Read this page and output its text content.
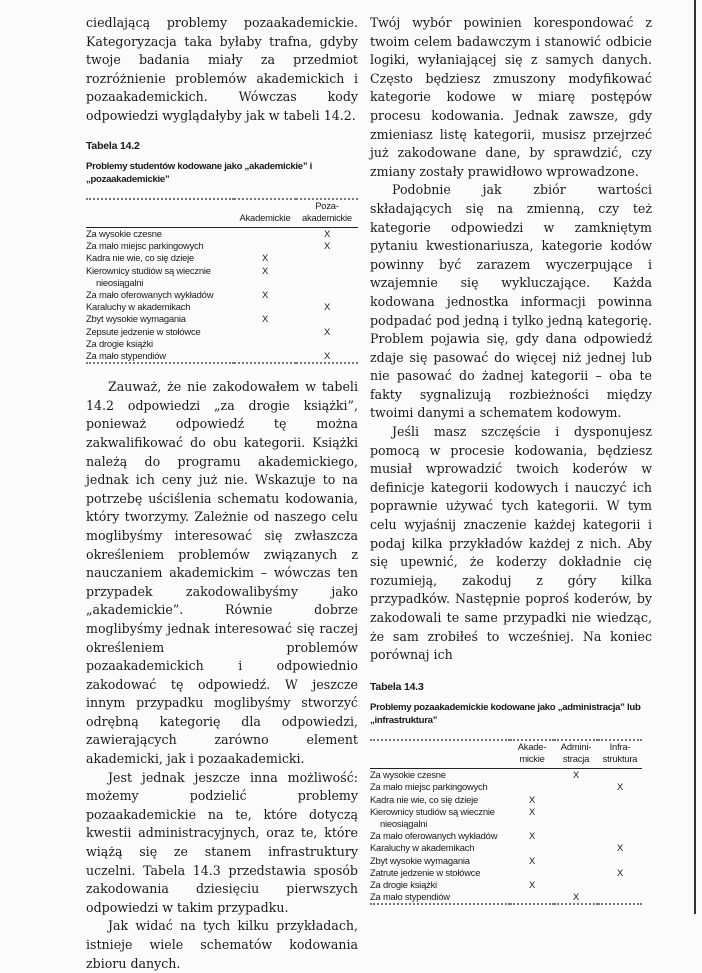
ciedlającą problemy pozaakademickie. Kategoryzacja taka byłaby trafna, gdyby twoje badania miały za przedmiot rozróżnienie problemów akademickich i pozaakademickich. Wówczas kody odpowiedzi wyglądałyby jak w tabeli 14.2.

Tabela 14.2
Problemy studentów kodowane jako „akademickie” i „pozaakademickie”
	Akademickie	Poza-akademickie

Za wysokie czesne		X
Za mało miejsc parkingowych		X
Kadra nie wie, co się dzieje	X	
Kierownicy studiów są wiecznie nieosiągalni	X	
Za mało oferowanych wykładów	X	
Karaluchy w akademikach		X
Zbyt wysokie wymagania	X	
Zepsute jedzenie w stołówce		X
Za drogie książki		
Za mało stypendiów		X

Zauważ, że nie zakodowałem w tabeli 14.2 odpowiedzi „za drogie książki”, ponieważ odpowiedź tę można zakwalifikować do obu kategorii. Książki należą do programu akademickiego, jednak ich ceny już nie. Wskazuje to na potrzebę uściślenia schematu kodowania, który tworzymy. Zależnie od naszego celu moglibyśmy interesować się zwłaszcza określeniem problemów związanych z nauczaniem akademickim – wówczas ten przypadek zakodowalibyśmy jako „akademickie”. Równie dobrze moglibyśmy jednak interesować się raczej określeniem problemów pozaakademickich i odpowiednio zakodować tę odpowiedź. W jeszcze innym przypadku moglibyśmy stworzyć odrębną kategorię dla odpowiedzi, zawierających zarówno element akademicki, jak i pozaakademicki.

Jest jednak jeszcze inna możliwość: możemy podzielić problemy pozaakademickie na te, które dotyczą kwestii administracyjnych, oraz te, które wiążą się ze stanem infrastruktury uczelni. Tabela 14.3 przedstawia sposób zakodowania dziesięciu pierwszych odpowiedzi w takim przypadku.

Jak widać na tych kilku przykładach, istnieje wiele schematów kodowania zbioru danych.

Twój wybór powinien korespondować z twoim celem badawczym i stanowić odbicie logiki, wyłaniającej się z samych danych. Często będziesz zmuszony modyfikować kategorie kodowe w miarę postępów procesu kodowania. Jednak zawsze, gdy zmieniasz listę kategorii, musisz przejrzeć już zakodowane dane, by sprawdzić, czy zmiany zostały prawidłowo wprowadzone.

Podobnie jak zbiór wartości składających się na zmienną, czy też kategorie odpowiedzi w zamkniętym pytaniu kwestionariusza, kategorie kodów powinny być zarazem wyczerpujące i wzajemnie się wykluczające. Każda kodowana jednostka informacji powinna podpadać pod jedną i tylko jedną kategorię. Problem pojawia się, gdy dana odpowiedź zdaje się pasować do więcej niż jednej lub nie pasować do żadnej kategorii – oba te fakty sygnalizują rozbieżności między twoimi danymi a schematem kodowym.

Jeśli masz szczęście i dysponujesz pomocą w procesie kodowania, będziesz musiał wprowadzić twoich koderów w definicje kategorii kodowych i nauczyć ich poprawnie używać tych kategorii. W tym celu wyjaśnij znaczenie każdej kategorii i podaj kilka przykładów każdej z nich. Aby się upewnić, że koderzy dokładnie cię rozumieją, zakoduj z góry kilka przypadków. Następnie poproś koderów, by zakodowali te same przypadki nie wiedząc, że sam zrobiłeś to wcześniej. Na koniec porównaj ich

Tabela 14.3
Problemy pozaakademickie kodowane jako „administracja” lub „infrastruktura”
	Akade-mickie	Admini-stracja	Infra-struktura

Za wysokie czesne		X	
Za mało miejsc parkingowych			X
Kadra nie wie, co się dzieje	X		
Kierownicy studiów są wiecznie nieosiągalni	X		
Za mało oferowanych wykładów	X		
Karaluchy w akademikach			X
Zbyt wysokie wymagania	X		
Zatrute jedzenie w stołówce			X
Za drogie książki	X		
Za mało stypendiów		X	
